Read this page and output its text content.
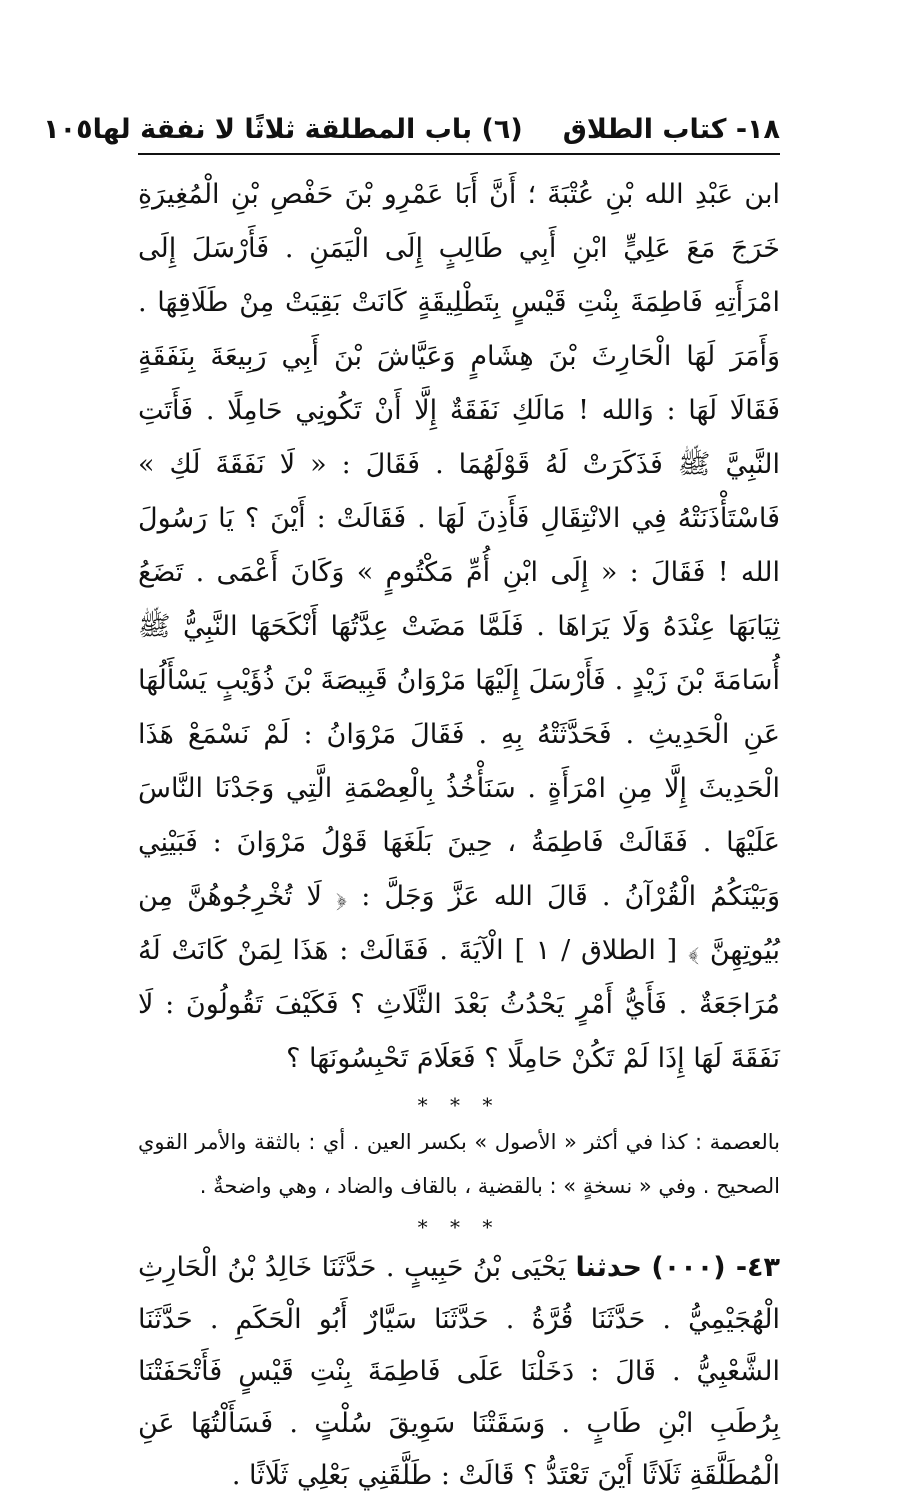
١٨- كتاب الطلاق
(٦) باب المطلقة ثلاثًا لا نفقة لها
١٠٥

ابن عَبْدِ الله بْنِ عُتْبَةَ ؛ أَنَّ أَبَا عَمْرِو بْنَ حَفْصِ بْنِ الْمُغِيرَةِ خَرَجَ مَعَ عَلِيٍّ ابْنِ أَبِي طَالِبٍ إِلَى الْيَمَنِ . فَأَرْسَلَ إِلَى امْرَأَتِهِ فَاطِمَةَ بِنْتِ قَيْسٍ بِتَطْلِيقَةٍ كَانَتْ بَقِيَتْ مِنْ طَلَاقِهَا . وَأَمَرَ لَهَا الْحَارِثَ بْنَ هِشَامٍ وَعَيَّاشَ بْنَ أَبِي رَبِيعَةَ بِنَفَقَةٍ فَقَالَا لَهَا : وَالله ! مَالَكِ نَفَقَةٌ إِلَّا أَنْ تَكُونِي حَامِلًا . فَأَتَتِ النَّبِيَّ ﷺ فَذَكَرَتْ لَهُ قَوْلَهُمَا . فَقَالَ : « لَا نَفَقَةَ لَكِ » فَاسْتَأْذَنَتْهُ فِي الانْتِقَالِ فَأَذِنَ لَهَا . فَقَالَتْ : أَيْنَ ؟ يَا رَسُولَ الله ! فَقَالَ : « إِلَى ابْنِ أُمِّ مَكْتُومٍ » وَكَانَ أَعْمَى . تَضَعُ ثِيَابَهَا عِنْدَهُ وَلَا يَرَاهَا . فَلَمَّا مَضَتْ عِدَّتُهَا أَنْكَحَهَا النَّبِيُّ ﷺ أُسَامَةَ بْنَ زَيْدٍ . فَأَرْسَلَ إِلَيْهَا مَرْوَانُ قَبِيصَةَ بْنَ ذُؤَيْبٍ يَسْأَلُهَا عَنِ الْحَدِيثِ . فَحَدَّثَتْهُ بِهِ . فَقَالَ مَرْوَانُ : لَمْ نَسْمَعْ هَذَا الْحَدِيثَ إِلَّا مِنِ امْرَأَةٍ . سَنَأْخُذُ بِالْعِصْمَةِ الَّتِي وَجَدْنَا النَّاسَ عَلَيْهَا . فَقَالَتْ فَاطِمَةُ ، حِينَ بَلَغَهَا قَوْلُ مَرْوَانَ : فَبَيْنِي وَبَيْنَكُمُ الْقُرْآنُ . قَالَ الله عَزَّ وَجَلَّ : ﴿ لَا تُخْرِجُوهُنَّ مِن بُيُوتِهِنَّ ﴾ [ الطلاق / ١ ] الْآيَةَ . فَقَالَتْ : هَذَا لِمَنْ كَانَتْ لَهُ مُرَاجَعَةٌ . فَأَيُّ أَمْرٍ يَحْدُثُ بَعْدَ الثَّلَاثِ ؟ فَكَيْفَ تَقُولُونَ : لَا نَفَقَةَ لَهَا إِذَا لَمْ تَكُنْ حَامِلًا ؟ فَعَلَامَ تَحْبِسُونَهَا ؟

* * *

بالعصمة : كذا في أكثر « الأصول » بكسر العين . أي : بالثقة والأمر القوي الصحيح . وفي « نسخةٍ » : بالقضية ، بالقاف والضاد ، وهي واضحةٌ .

* * *

٤٣- (٠٠٠) حدثنا يَحْيَى بْنُ حَبِيبٍ . حَدَّثَنَا خَالِدُ بْنُ الْحَارِثِ الْهُجَيْمِيُّ . حَدَّثَنَا قُرَّةُ . حَدَّثَنَا سَيَّارٌ أَبُو الْحَكَمِ . حَدَّثَنَا الشَّعْبِيُّ . قَالَ : دَخَلْنَا عَلَى فَاطِمَةَ بِنْتِ قَيْسٍ فَأَتْحَفَتْنَا بِرُطَبِ ابْنِ طَابٍ . وَسَقَتْنَا سَوِيقَ سُلْتٍ . فَسَأَلْتُهَا عَنِ الْمُطَلَّقَةِ ثَلَاثًا أَيْنَ تَعْتَدُّ ؟ قَالَتْ : طَلَّقَنِي بَعْلِي ثَلَاثًا .
